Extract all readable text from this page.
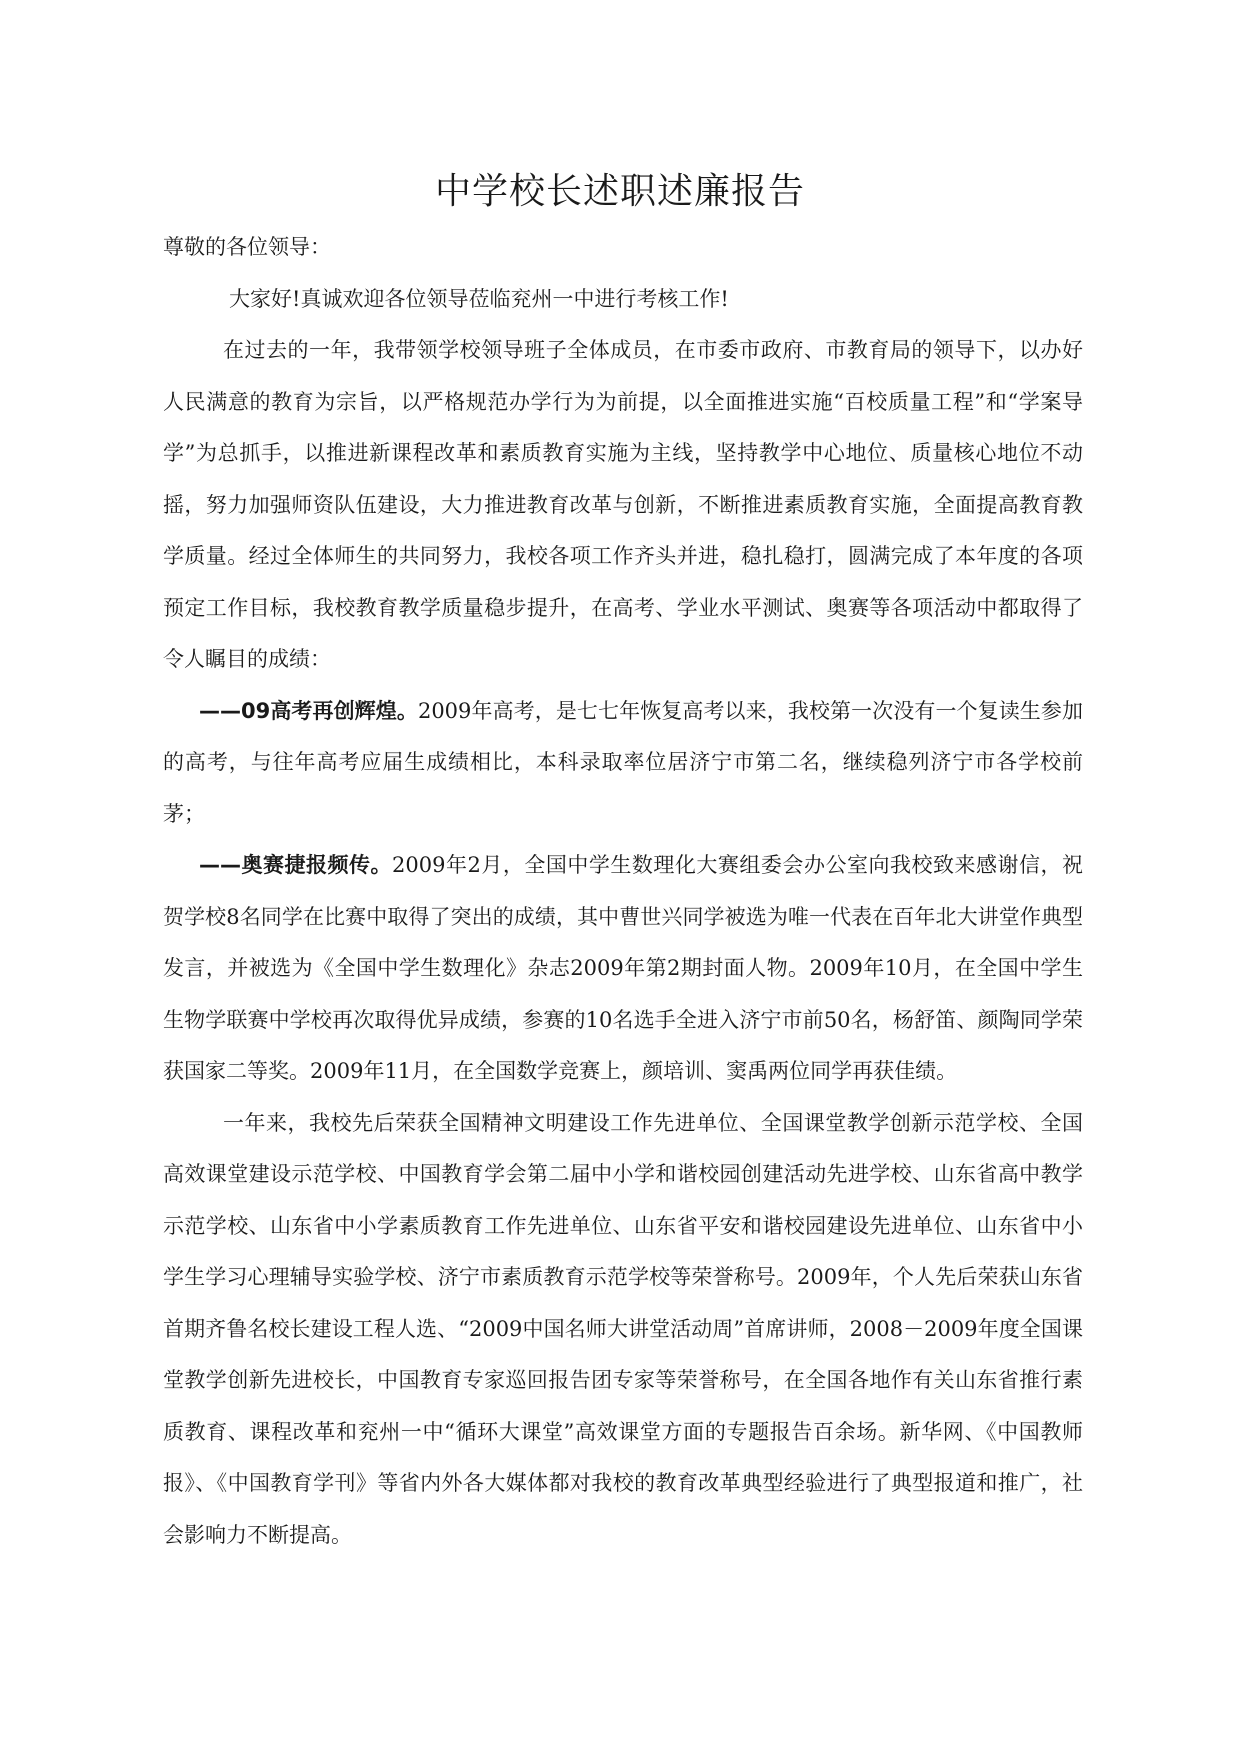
中学校长述职述廉报告

尊敬的各位领导：

大家好!真诚欢迎各位领导莅临兖州一中进行考核工作!

在过去的一年，我带领学校领导班子全体成员，在市委市政府、市教育局的领导下，以办好人民满意的教育为宗旨，以严格规范办学行为为前提，以全面推进实施“百校质量工程”和“学案导学”为总抓手，以推进新课程改革和素质教育实施为主线，坚持教学中心地位、质量核心地位不动摇，努力加强师资队伍建设，大力推进教育改革与创新，不断推进素质教育实施，全面提高教育教学质量。经过全体师生的共同努力，我校各项工作齐头并进，稳扎稳打，圆满完成了本年度的各项预定工作目标，我校教育教学质量稳步提升，在高考、学业水平测试、奥赛等各项活动中都取得了令人瞩目的成绩：

——09高考再创辉煌。2009年高考，是七七年恢复高考以来，我校第一次没有一个复读生参加的高考，与往年高考应届生成绩相比，本科录取率位居济宁市第二名，继续稳列济宁市各学校前茅；

——奥赛捷报频传。2009年2月，全国中学生数理化大赛组委会办公室向我校致来感谢信，祝贺学校8名同学在比赛中取得了突出的成绩，其中曹世兴同学被选为唯一代表在百年北大讲堂作典型发言，并被选为《全国中学生数理化》杂志2009年第2期封面人物。2009年10月，在全国中学生生物学联赛中学校再次取得优异成绩，参赛的10名选手全进入济宁市前50名，杨舒笛、颜陶同学荣获国家二等奖。2009年11月，在全国数学竞赛上，颜培训、窦禹两位同学再获佳绩。

一年来，我校先后荣获全国精神文明建设工作先进单位、全国课堂教学创新示范学校、全国高效课堂建设示范学校、中国教育学会第二届中小学和谐校园创建活动先进学校、山东省高中教学示范学校、山东省中小学素质教育工作先进单位、山东省平安和谐校园建设先进单位、山东省中小学生学习心理辅导实验学校、济宁市素质教育示范学校等荣誉称号。2009年，个人先后荣获山东省首期齐鲁名校长建设工程人选、“2009中国名师大讲堂活动周”首席讲师，2008－2009年度全国课堂教学创新先进校长，中国教育专家巡回报告团专家等荣誉称号，在全国各地作有关山东省推行素质教育、课程改革和兖州一中“循环大课堂”高效课堂方面的专题报告百余场。新华网、《中国教师报》、《中国教育学刊》等省内外各大媒体都对我校的教育改革典型经验进行了典型报道和推广，社会影响力不断提高。
